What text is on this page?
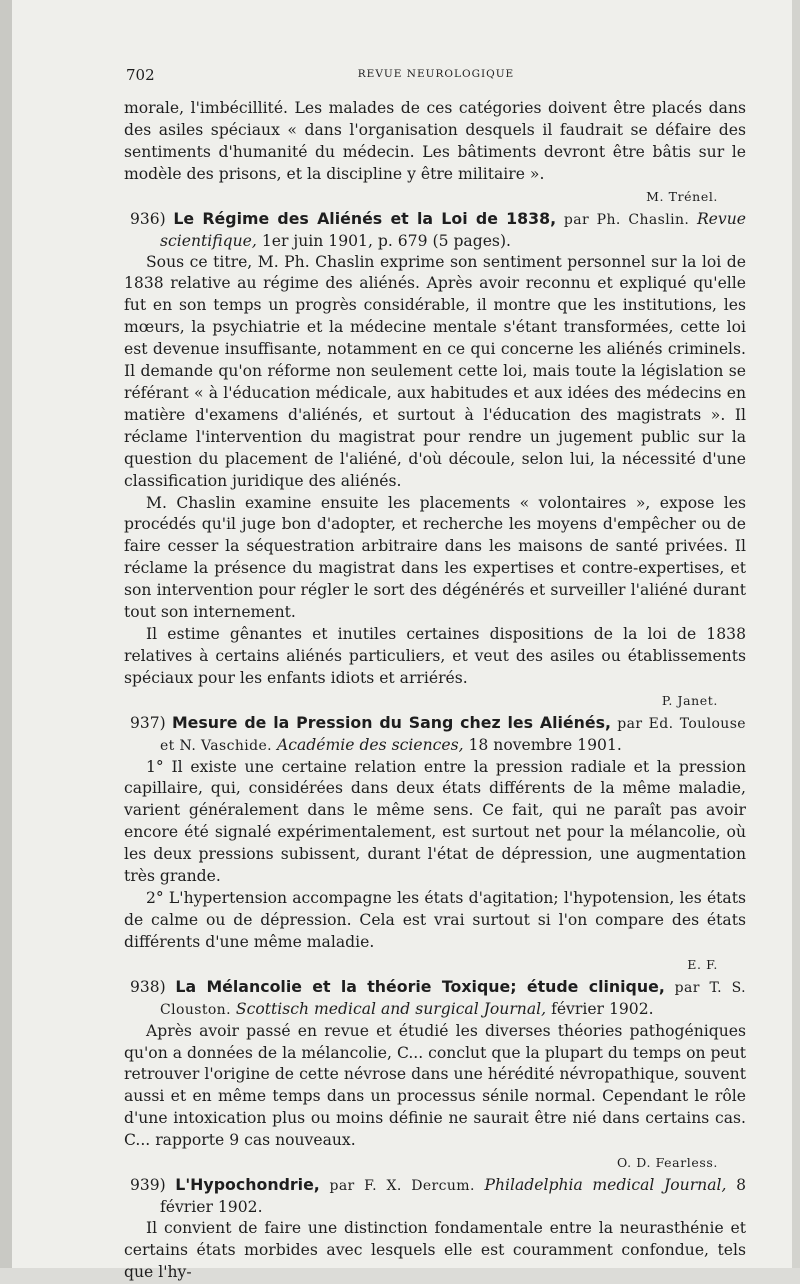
702	REVUE NEUROLOGIQUE

morale, l'imbécillité. Les malades de ces catégories doivent être placés dans des asiles spéciaux « dans l'organisation desquels il faudrait se défaire des sentiments d'humanité du médecin. Les bâtiments devront être bâtis sur le modèle des prisons, et la discipline y être militaire ».

M. Trénel.

936) Le Régime des Aliénés et la Loi de 1838, par Ph. Chaslin. Revue scientifique, 1er juin 1901, p. 679 (5 pages).

Sous ce titre, M. Ph. Chaslin exprime son sentiment personnel sur la loi de 1838 relative au régime des aliénés. Après avoir reconnu et expliqué qu'elle fut en son temps un progrès considérable, il montre que les institutions, les mœurs, la psychiatrie et la médecine mentale s'étant transformées, cette loi est devenue insuffisante, notamment en ce qui concerne les aliénés criminels. Il demande qu'on réforme non seulement cette loi, mais toute la législation se référant « à l'éducation médicale, aux habitudes et aux idées des médecins en matière d'examens d'aliénés, et surtout à l'éducation des magistrats ». Il réclame l'intervention du magistrat pour rendre un jugement public sur la question du placement de l'aliéné, d'où découle, selon lui, la nécessité d'une classification juridique des aliénés.

M. Chaslin examine ensuite les placements « volontaires », expose les procédés qu'il juge bon d'adopter, et recherche les moyens d'empêcher ou de faire cesser la séquestration arbitraire dans les maisons de santé privées. Il réclame la présence du magistrat dans les expertises et contre-expertises, et son intervention pour régler le sort des dégénérés et surveiller l'aliéné durant tout son internement.

Il estime gênantes et inutiles certaines dispositions de la loi de 1838 relatives à certains aliénés particuliers, et veut des asiles ou établissements spéciaux pour les enfants idiots et arriérés.

P. Janet.

937) Mesure de la Pression du Sang chez les Aliénés, par Ed. Toulouse et N. Vaschide. Académie des sciences, 18 novembre 1901.

1° Il existe une certaine relation entre la pression radiale et la pression capillaire, qui, considérées dans deux états différents de la même maladie, varient généralement dans le même sens. Ce fait, qui ne paraît pas avoir encore été signalé expérimentalement, est surtout net pour la mélancolie, où les deux pressions subissent, durant l'état de dépression, une augmentation très grande.

2° L'hypertension accompagne les états d'agitation; l'hypotension, les états de calme ou de dépression. Cela est vrai surtout si l'on compare des états différents d'une même maladie.

E. F.

938) La Mélancolie et la théorie Toxique; étude clinique, par T. S. Clouston. Scottisch medical and surgical Journal, février 1902.

Après avoir passé en revue et étudié les diverses théories pathogéniques qu'on a données de la mélancolie, C... conclut que la plupart du temps on peut retrouver l'origine de cette névrose dans une hérédité névropathique, souvent aussi et en même temps dans un processus sénile normal. Cependant le rôle d'une intoxication plus ou moins définie ne saurait être nié dans certains cas. C... rapporte 9 cas nouveaux.

O. D. Fearless.

939) L'Hypochondrie, par F. X. Dercum. Philadelphia medical Journal, 8 février 1902.

Il convient de faire une distinction fondamentale entre la neurasthénie et certains états morbides avec lesquels elle est couramment confondue, tels que l'hy-
